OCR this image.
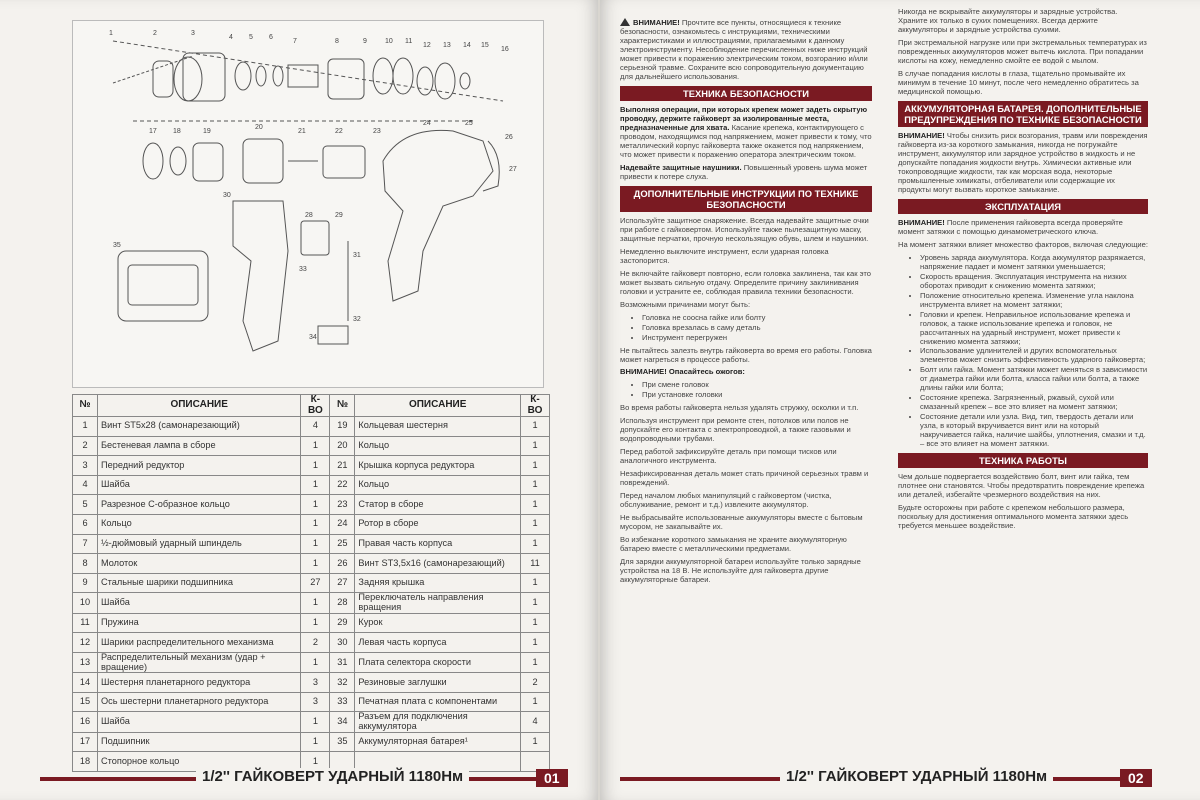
1	2	3
4 5 6
7	8	9	10 11
12 13 14 15
16
17 18	19
20
21	22	23
24	25
26
27
28	29
30
31
32
33
34
35
№	ОПИСАНИЕ	К-ВО	№	ОПИСАНИЕ	К-ВО
1	Винт ST5x28 (самонарезающий)	4	19	Кольцевая шестерня	1
2	Бестеневая лампа в сборе	1	20	Кольцо	1
3	Передний редуктор	1	21	Крышка корпуса редуктора	1
4	Шайба	1	22	Кольцо	1
5	Разрезное С-образное кольцо	1	23	Статор в сборе	1
6	Кольцо	1	24	Ротор в сборе	1
7	½-дюймовый ударный шпиндель	1	25	Правая часть корпуса	1
8	Молоток	1	26	Винт ST3,5x16 (самонарезающий)	11
9	Стальные шарики подшипника	27	27	Задняя крышка	1
10	Шайба	1	28	Переключатель направления вращения	1
11	Пружина	1	29	Курок	1
12	Шарики распределительного механизма	2	30	Левая часть корпуса	1
13	Распределительный механизм (удар + вращение)	1	31	Плата селектора скорости	1
14	Шестерня планетарного редуктора	3	32	Резиновые заглушки	2
15	Ось шестерни планетарного редуктора	3	33	Печатная плата с компонентами	1
16	Шайба	1	34	Разъем для подключения аккумулятора	4
17	Подшипник	1	35	Аккумуляторная батарея¹	1
18	Стопорное кольцо	1			
1/2'' ГАЙКОВЕРТ УДАРНЫЙ 1180Нм	01

ВНИМАНИЕ! Прочтите все пункты, относящиеся к технике безопасности, ознакомьтесь с инструкциями, техническими характеристиками и иллюстрациями, прилагаемыми к данному электроинструменту. Несоблюдение перечисленных ниже инструкций может привести к поражению электрическим током, возгоранию и/или серьезной травме. Сохраните всю сопроводительную документацию для дальнейшего использования.

ТЕХНИКА БЕЗОПАСНОСТИ

Выполняя операции, при которых крепеж может задеть скрытую проводку, держите гайковерт за изолированные места, предназначенные для хвата. Касание крепежа, контактирующего с проводом, находящимся под напряжением, может привести к тому, что металлический корпус гайковерта также окажется под напряжением, что может привести к поражению оператора электрическим током.

Надевайте защитные наушники. Повышенный уровень шума может привести к потере слуха.

ДОПОЛНИТЕЛЬНЫЕ ИНСТРУКЦИИ ПО ТЕХНИКЕ БЕЗОПАСНОСТИ

Используйте защитное снаряжение. Всегда надевайте защитные очки при работе с гайковертом. Используйте также пылезащитную маску, защитные перчатки, прочную нескользящую обувь, шлем и наушники.

Немедленно выключите инструмент, если ударная головка застопорится.

Не включайте гайковерт повторно, если головка заклинена, так как это может вызвать сильную отдачу. Определите причину заклинивания головки и устраните ее, соблюдая правила техники безопасности.

Возможными причинами могут быть:

• Головка не соосна гайке или болту
• Головка врезалась в саму деталь
• Инструмент перегружен

Не пытайтесь залезть внутрь гайковерта во время его работы. Головка может нагреться в процессе работы.

ВНИМАНИЕ! Опасайтесь ожогов:

• При смене головок
• При установке головки

Во время работы гайковерта нельзя удалять стружку, осколки и т.п.

Используя инструмент при ремонте стен, потолков или полов не допускайте его контакта с электропроводкой, а также газовыми и водопроводными трубами.

Перед работой зафиксируйте деталь при помощи тисков или аналогичного инструмента.

Незафиксированная деталь может стать причиной серьезных травм и повреждений.

Перед началом любых манипуляций с гайковертом (чистка, обслуживание, ремонт и т.д.) извлеките аккумулятор.

Не выбрасывайте использованные аккумуляторы вместе с бытовым мусором, не закапывайте их.

Во избежание короткого замыкания не храните аккумуляторную батарею вместе с металлическими предметами.

Для зарядки аккумуляторной батареи используйте только зарядные устройства на 18 В. Не используйте для гайковерта другие аккумуляторные батареи.

Никогда не вскрывайте аккумуляторы и зарядные устройства. Храните их только в сухих помещениях. Всегда держите аккумуляторы и зарядные устройства сухими.

При экстремальной нагрузке или при экстремальных температурах из поврежденных аккумуляторов может вытечь кислота. При попадании кислоты на кожу, немедленно смойте ее водой с мылом.

В случае попадания кислоты в глаза, тщательно промывайте их минимум в течение 10 минут, после чего немедленно обратитесь за медицинской помощью.

АККУМУЛЯТОРНАЯ БАТАРЕЯ. ДОПОЛНИТЕЛЬНЫЕ ПРЕДУПРЕЖДЕНИЯ ПО ТЕХНИКЕ БЕЗОПАСНОСТИ

ВНИМАНИЕ! Чтобы снизить риск возгорания, травм или повреждения гайковерта из-за короткого замыкания, никогда не погружайте инструмент, аккумулятор или зарядное устройство в жидкость и не допускайте попадания жидкости внутрь. Химически активные или токопроводящие жидкости, так как морская вода, некоторые промышленные химикаты, отбеливатели или содержащие их продукты могут вызвать короткое замыкание.

ЭКСПЛУАТАЦИЯ

ВНИМАНИЕ! После применения гайковерта всегда проверяйте момент затяжки с помощью динамометрического ключа.

На момент затяжки влияет множество факторов, включая следующие:

• Уровень заряда аккумулятора. Когда аккумулятор разряжается, напряжение падает и момент затяжки уменьшается;
• Скорость вращения. Эксплуатация инструмента на низких оборотах приводит к снижению момента затяжки;
• Положение относительно крепежа. Изменение угла наклона инструмента влияет на момент затяжки;
• Головки и крепеж. Неправильное использование крепежа и головок, а также использование крепежа и головок, не рассчитанных на ударный инструмент, может привести к снижению момента затяжки;
• Использование удлинителей и других вспомогательных элементов может снизить эффективность ударного гайковерта;
• Болт или гайка. Момент затяжки может меняться в зависимости от диаметра гайки или болта, класса гайки или болта, а также длины гайки или болта;
• Состояние крепежа. Загрязненный, ржавый, сухой или смазанный крепеж – все это влияет на момент затяжки;
• Состояние детали или узла. Вид, тип, твердость детали или узла, в который вкручивается винт или на который накручивается гайка, наличие шайбы, уплотнения, смазки и т.д. – все это влияет на момент затяжки.
ТЕХНИКА РАБОТЫ

Чем дольше подвергается воздействию болт, винт или гайка, тем плотнее они становятся. Чтобы предотвратить повреждение крепежа или деталей, избегайте чрезмерного воздействия на них.

Будьте осторожны при работе с крепежом небольшого размера, поскольку для достижения оптимального момента затяжки здесь требуется меньшее воздействие.

1/2'' ГАЙКОВЕРТ УДАРНЫЙ 1180Нм	02
